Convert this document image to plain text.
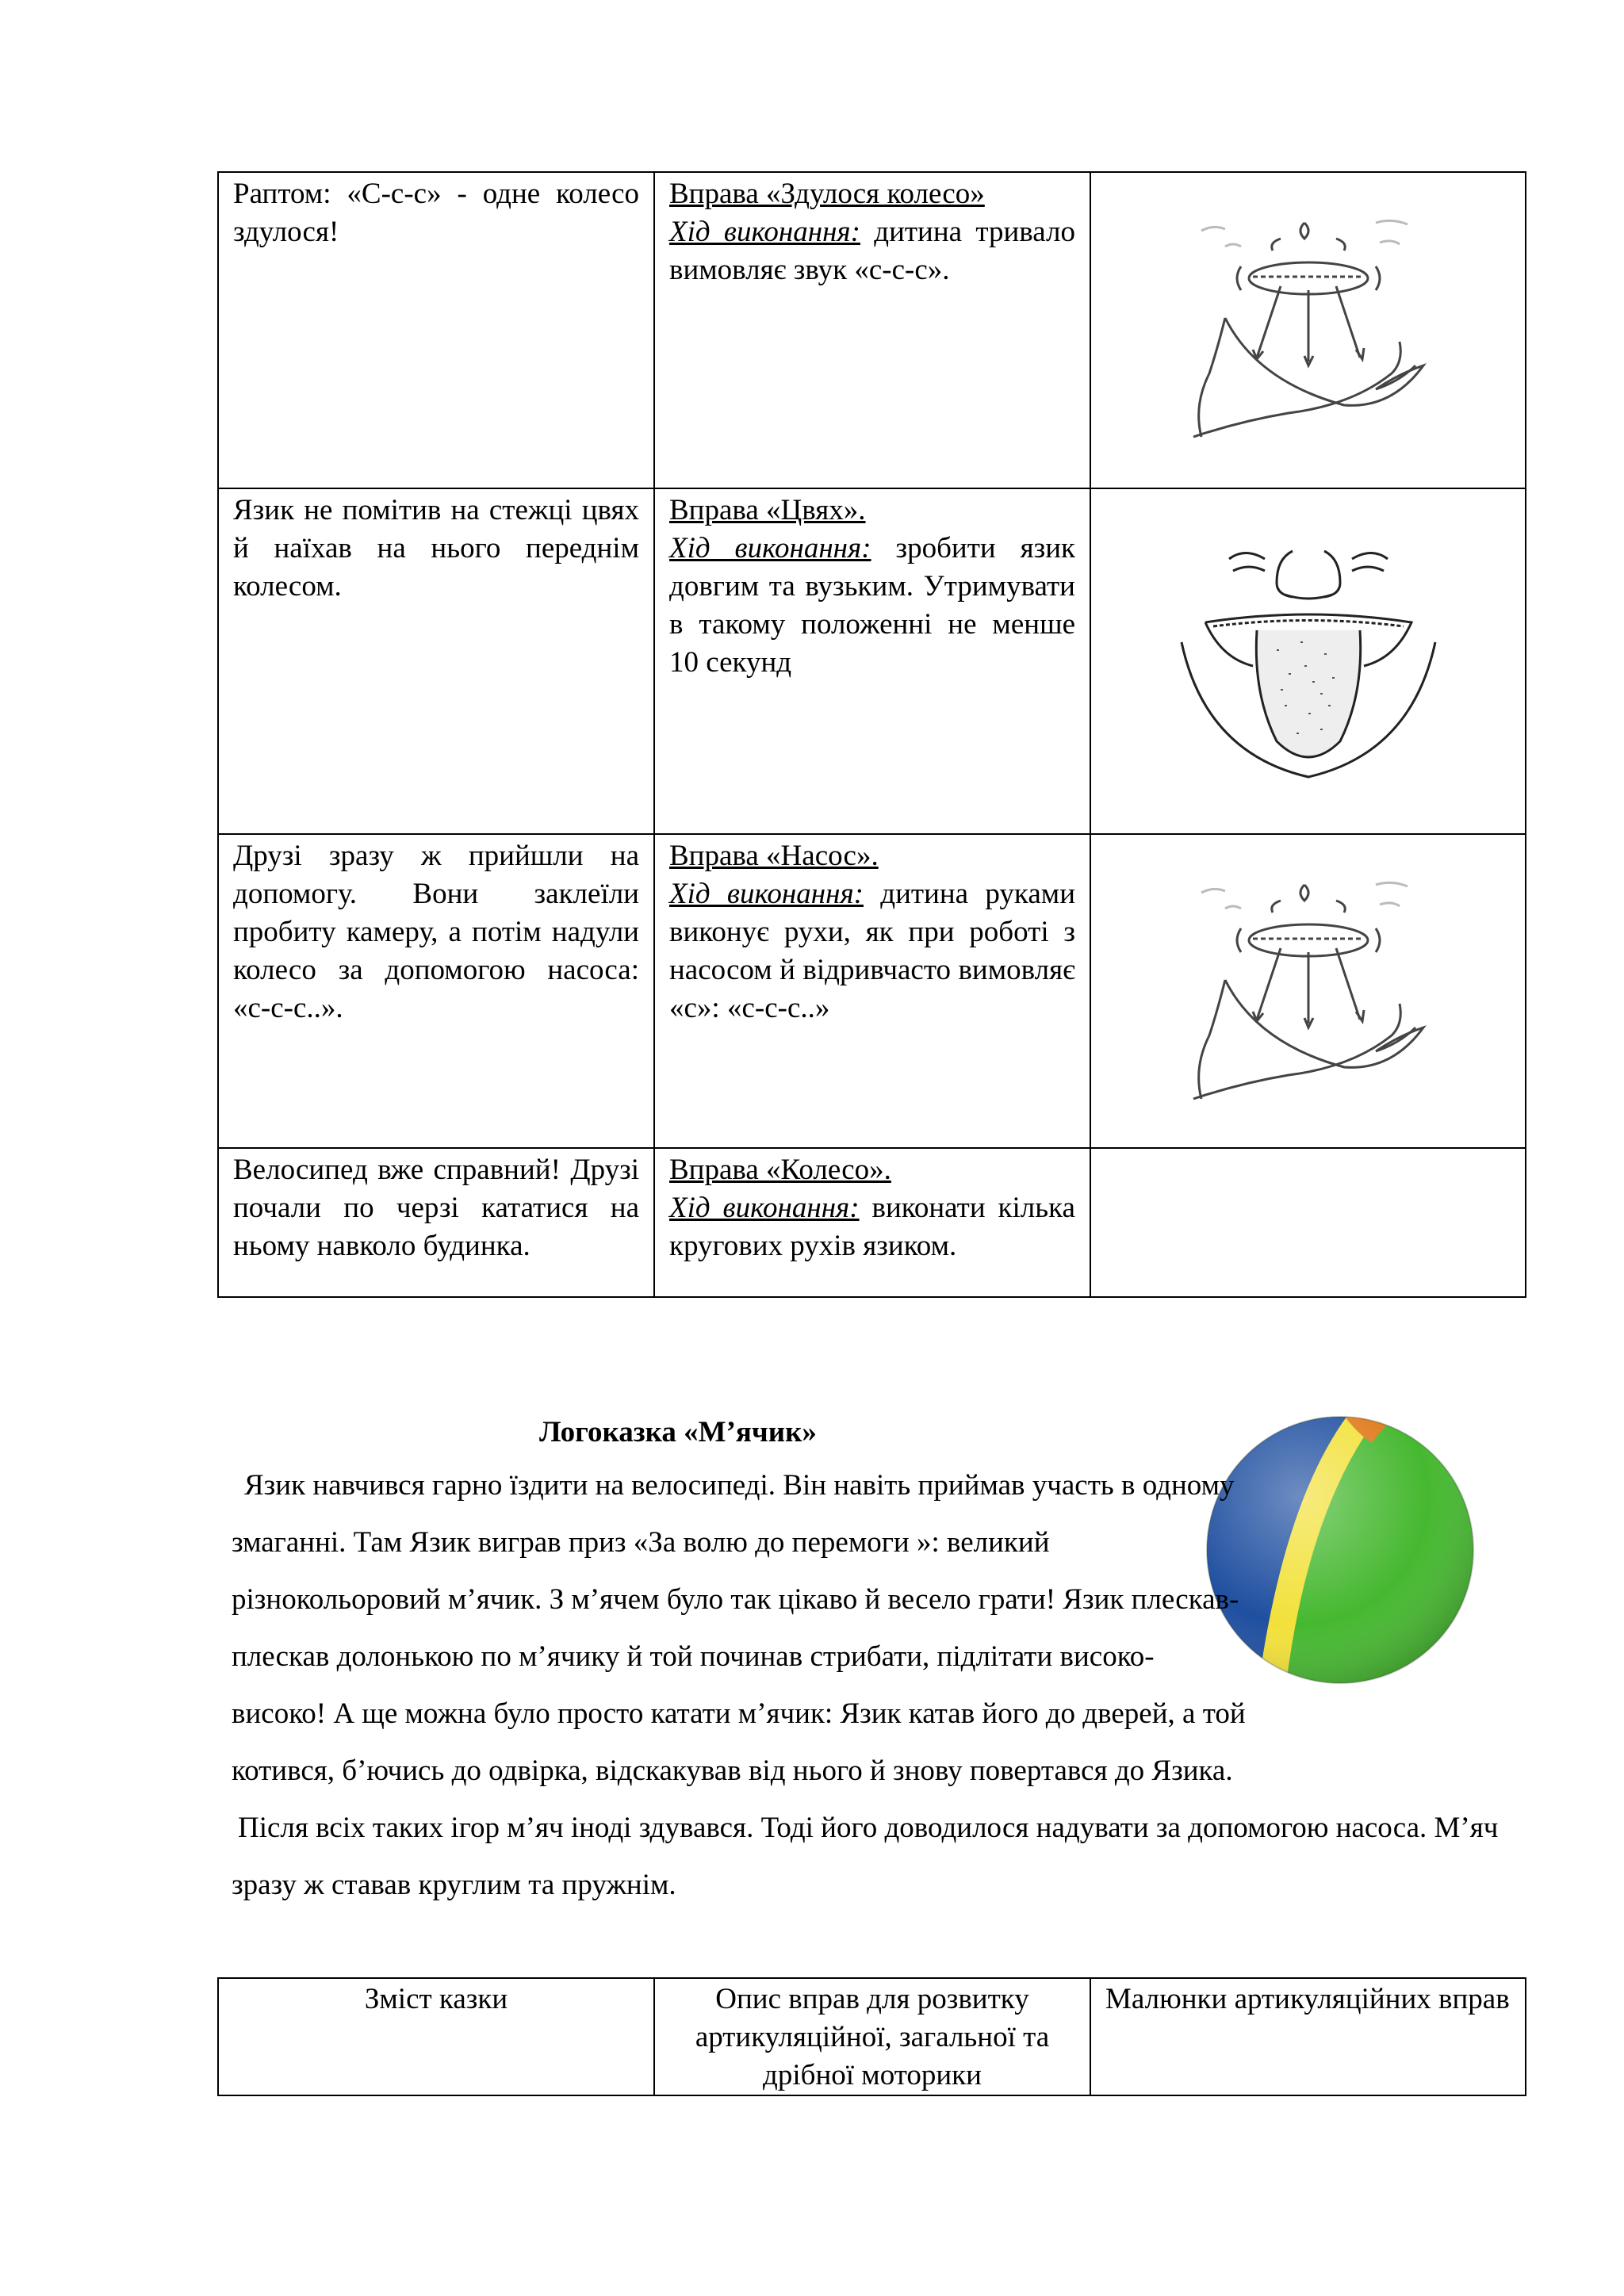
Раптом: «С-с-с» - одне колесо здулося!	Вправа «Здулося колесо»
Хід виконання: дитина тривало вимовляє звук «с-с-с».	

Язик не помітив на стежці цвях й наїхав на нього переднім колесом.	Вправа «Цвях».
Хід виконання: зробити язик довгим та вузьким. Утримувати в такому положенні не менше 10 секунд	

Друзі зразу ж прийшли на допомогу. Вони заклеїли пробиту камеру, а потім надули колесо за допомогою насоса: «с-с-с..».	Вправа «Насос».
Хід виконання: дитина руками виконує рухи, як при роботі з насосом й відривчасто вимовляє «с»: «с-с-с..»	

Велосипед вже справний! Друзі почали по черзі кататися на ньому навколо будинка.	Вправа «Колесо».
Хід виконання: виконати кілька кругових рухів язиком.	
Логоказка «М’ячик»

Язик навчився гарно їздити на велосипеді. Він навіть приймав участь в одному змаганні. Там Язик виграв приз «За волю до перемоги »: великий різнокольоровий м’ячик. З м’ячем було так цікаво й весело грати! Язик плескав-плескав долонькою по м’ячику й той починав стрибати, підлітати високо-високо! А ще можна було просто катати м’ячик: Язик катав його до дверей, а той котився, б’ючись до одвірка, відскакував від нього й знову повертався до Язика.

Після всіх таких ігор м’яч іноді здувався. Тоді його доводилося надувати за допомогою насоса. М’яч зразу ж ставав круглим та пружнім.

Зміст казки	Опис вправ для розвитку артикуляційної, загальної та дрібної моторики	Малюнки артикуляційних вправ
